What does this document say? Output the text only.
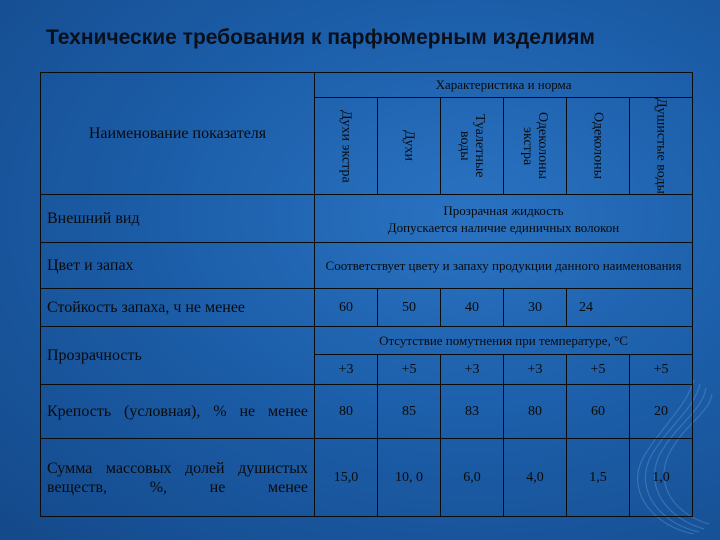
Технические требования к парфюмерным изделиям
Наименование показателя	Характеристика и норма					
	Духи экстра	Духи	Туалетные воды	Одеколоны экстра	Одеколоны	Душистые воды
Внешний вид	Прозрачная жидкость
Допускается наличие единичных волокон					

Цвет и запах	Соответствует цвету и запаху продукции данного наименования					
Стойкость запаха, ч не менее	60	50	40	30	24	
Прозрачность	Отсутствие помутнения при температуре, °С					
	+3	+5	+3	+3	+5	+5
Крепость (условная), % не менее	80	85	83	80	60	20
Сумма массовых долей душистых веществ, %, не менее	15,0	10, 0	6,0	4,0	1,5	1,0
